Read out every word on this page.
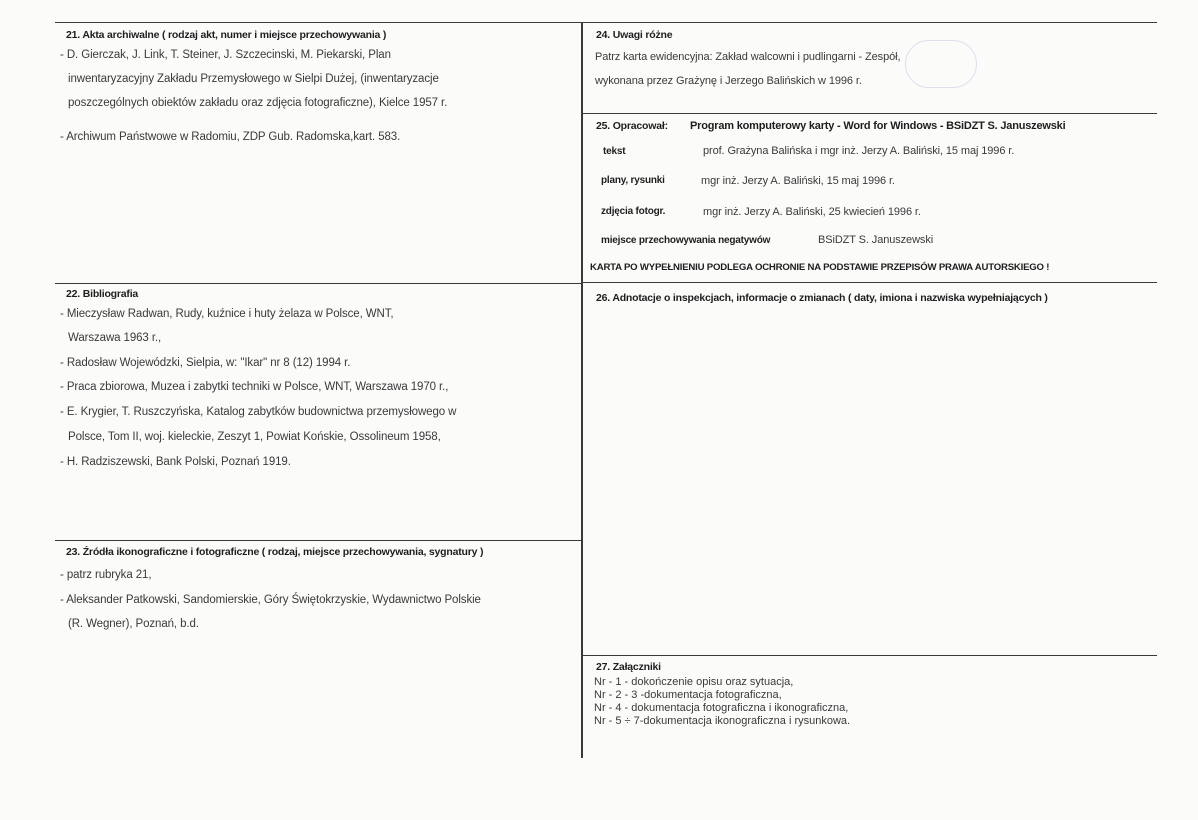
21. Akta archiwalne ( rodzaj akt, numer i miejsce przechowywania )
- D. Gierczak, J. Link, T. Steiner, J. Szczecinski, M. Piekarski, Plan
inwentaryzacyjny Zakładu Przemysłowego w Sielpi Dużej, (inwentaryzacje
poszczególnych obiektów zakładu oraz zdjęcia fotograficzne), Kielce 1957 r.
- Archiwum Państwowe w Radomiu, ZDP Gub. Radomska,kart. 583.
22. Bibliografia
- Mieczysław Radwan, Rudy, kuźnice i huty żelaza w Polsce, WNT,
Warszawa 1963 r.,
- Radosław Wojewódzki, Sielpia, w: "Ikar" nr 8 (12) 1994 r.
- Praca zbiorowa, Muzea i zabytki techniki w Polsce, WNT, Warszawa 1970 r.,
- E. Krygier, T. Ruszczyńska, Katalog zabytków budownictwa przemysłowego w
Polsce, Tom II, woj. kieleckie, Zeszyt 1, Powiat Końskie, Ossolineum 1958,
- H. Radziszewski, Bank Polski, Poznań 1919.
23. Źródła ikonograficzne i fotograficzne ( rodzaj, miejsce przechowywania, sygnatury )
- patrz rubryka 21,
- Aleksander Patkowski, Sandomierskie, Góry Świętokrzyskie, Wydawnictwo Polskie
(R. Wegner), Poznań, b.d.
24. Uwagi różne
Patrz karta ewidencyjna: Zakład walcowni i pudlingarni - Zespół,
wykonana przez Grażynę i Jerzego Balińskich w 1996 r.
25. Opracował: Program komputerowy karty - Word for Windows - BSiDZT S. Januszewski
tekst	prof. Grażyna Balińska i mgr inż. Jerzy A. Baliński, 15 maj 1996 r.
plany, rysunki	mgr inż. Jerzy A. Baliński, 15 maj 1996 r.
zdjęcia fotogr.	mgr inż. Jerzy A. Baliński, 25 kwiecień 1996 r.
miejsce przechowywania negatywów	BSiDZT S. Januszewski
KARTA PO WYPEŁNIENIU PODLEGA OCHRONIE NA PODSTAWIE PRZEPISÓW PRAWA AUTORSKIEGO !
26. Adnotacje o inspekcjach, informacje o zmianach ( daty, imiona i nazwiska wypełniających )
27. Załączniki
Nr - 1 - dokończenie opisu oraz sytuacja,
Nr - 2 - 3 -dokumentacja fotograficzna,
Nr - 4 - dokumentacja fotograficzna i ikonograficzna,
Nr - 5 ÷ 7-dokumentacja ikonograficzna i rysunkowa.
